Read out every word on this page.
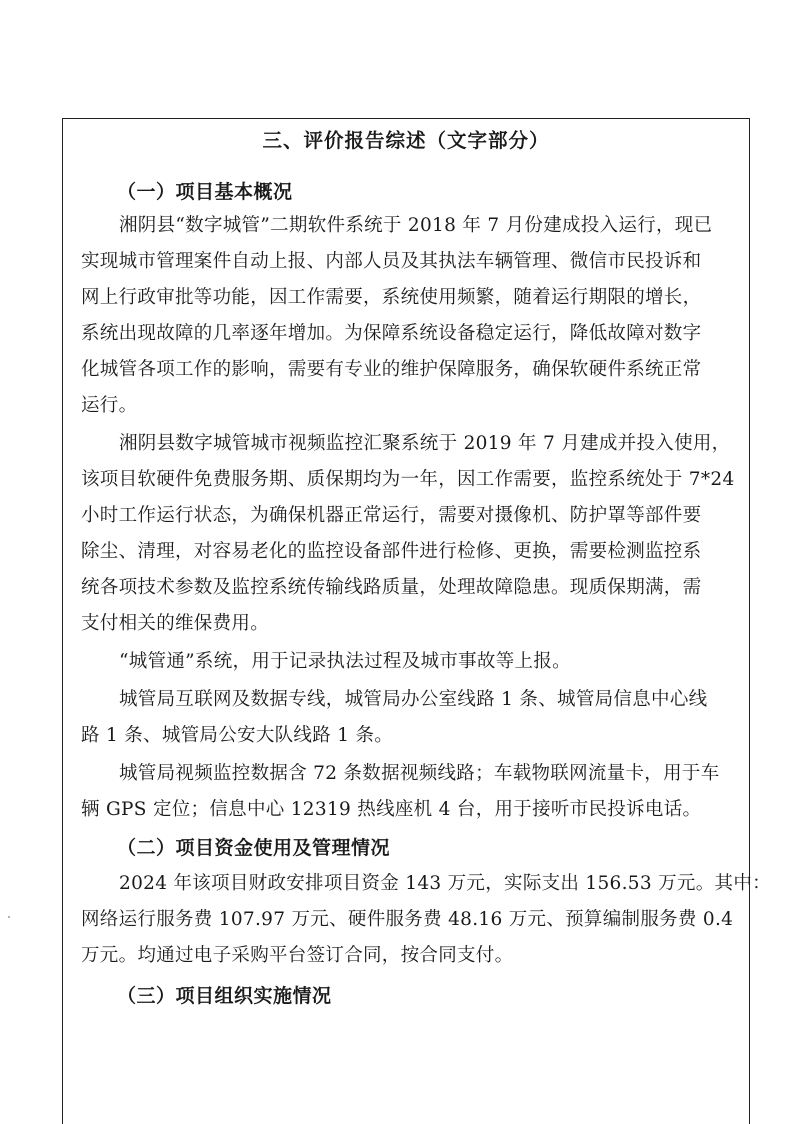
三、评价报告综述（文字部分）
（一）项目基本概况
湘阴县“数字城管”二期软件系统于 2018 年 7 月份建成投入运行，现已
实现城市管理案件自动上报、内部人员及其执法车辆管理、微信市民投诉和
网上行政审批等功能，因工作需要，系统使用频繁，随着运行期限的增长，
系统出现故障的几率逐年增加。为保障系统设备稳定运行，降低故障对数字
化城管各项工作的影响，需要有专业的维护保障服务，确保软硬件系统正常
运行。
湘阴县数字城管城市视频监控汇聚系统于 2019 年 7 月建成并投入使用，
该项目软硬件免费服务期、质保期均为一年，因工作需要，监控系统处于 7*24
小时工作运行状态，为确保机器正常运行，需要对摄像机、防护罩等部件要
除尘、清理，对容易老化的监控设备部件进行检修、更换，需要检测监控系
统各项技术参数及监控系统传输线路质量，处理故障隐患。现质保期满，需
支付相关的维保费用。
“城管通”系统，用于记录执法过程及城市事故等上报。
城管局互联网及数据专线，城管局办公室线路 1 条、城管局信息中心线
路 1 条、城管局公安大队线路 1 条。
城管局视频监控数据含 72 条数据视频线路；车载物联网流量卡，用于车
辆 GPS 定位；信息中心 12319 热线座机 4 台，用于接听市民投诉电话。
（二）项目资金使用及管理情况
2024 年该项目财政安排项目资金 143 万元，实际支出 156.53 万元。其中：
网络运行服务费 107.97 万元、硬件服务费 48.16 万元、预算编制服务费 0.4
万元。均通过电子采购平台签订合同，按合同支付。
（三）项目组织实施情况
